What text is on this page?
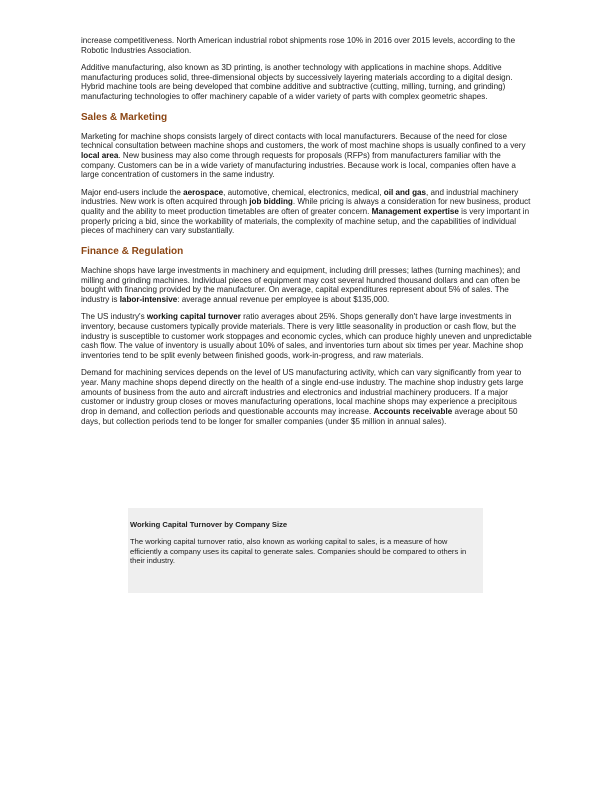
increase competitiveness. North American industrial robot shipments rose 10% in 2016 over 2015 levels, according to the Robotic Industries Association.

Additive manufacturing, also known as 3D printing, is another technology with applications in machine shops. Additive manufacturing produces solid, three-dimensional objects by successively layering materials according to a digital design. Hybrid machine tools are being developed that combine additive and subtractive (cutting, milling, turning, and grinding) manufacturing technologies to offer machinery capable of a wider variety of parts with complex geometric shapes.

Sales & Marketing

Marketing for machine shops consists largely of direct contacts with local manufacturers. Because of the need for close technical consultation between machine shops and customers, the work of most machine shops is usually confined to a very local area. New business may also come through requests for proposals (RFPs) from manufacturers familiar with the company. Customers can be in a wide variety of manufacturing industries. Because work is local, companies often have a large concentration of customers in the same industry.

Major end-users include the aerospace, automotive, chemical, electronics, medical, oil and gas, and industrial machinery industries. New work is often acquired through job bidding. While pricing is always a consideration for new business, product quality and the ability to meet production timetables are often of greater concern. Management expertise is very important in properly pricing a bid, since the workability of materials, the complexity of machine setup, and the capabilities of individual pieces of machinery can vary substantially.

Finance & Regulation

Machine shops have large investments in machinery and equipment, including drill presses; lathes (turning machines); and milling and grinding machines. Individual pieces of equipment may cost several hundred thousand dollars and can often be bought with financing provided by the manufacturer. On average, capital expenditures represent about 5% of sales. The industry is labor-intensive: average annual revenue per employee is about $135,000.

The US industry's working capital turnover ratio averages about 25%. Shops generally don't have large investments in inventory, because customers typically provide materials. There is very little seasonality in production or cash flow, but the industry is susceptible to customer work stoppages and economic cycles, which can produce highly uneven and unpredictable cash flow. The value of inventory is usually about 10% of sales, and inventories turn about six times per year. Machine shop inventories tend to be split evenly between finished goods, work-in-progress, and raw materials.

Demand for machining services depends on the level of US manufacturing activity, which can vary significantly from year to year. Many machine shops depend directly on the health of a single end-use industry. The machine shop industry gets large amounts of business from the auto and aircraft industries and electronics and industrial machinery producers. If a major customer or industry group closes or moves manufacturing operations, local machine shops may experience a precipitous drop in demand, and collection periods and questionable accounts may increase. Accounts receivable average about 50 days, but collection periods tend to be longer for smaller companies (under $5 million in annual sales).

Working Capital Turnover by Company Size

The working capital turnover ratio, also known as working capital to sales, is a measure of how efficiently a company uses its capital to generate sales. Companies should be compared to others in their industry.
